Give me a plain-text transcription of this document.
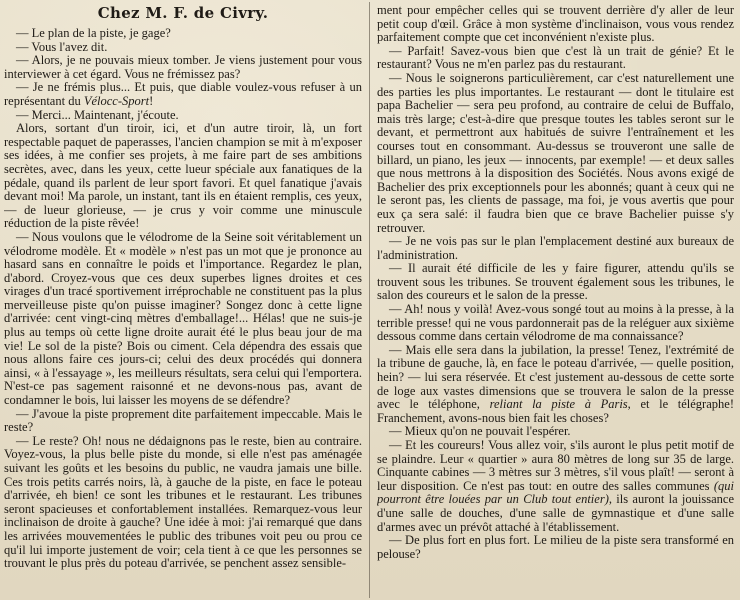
Chez M. F. de Civry.

— Le plan de la piste, je gage?

— Vous l'avez dit.

— Alors, je ne pouvais mieux tomber. Je viens justement pour vous interviewer à cet égard. Vous ne frémissez pas?

— Je ne frémis plus... Et puis, que diable voulez-vous refuser à un représentant du Vélocc-Sport!

— Merci... Maintenant, j'écoute.

Alors, sortant d'un tiroir, ici, et d'un autre tiroir, là, un fort respectable paquet de paperasses, l'ancien champion se mit à m'exposer ses idées, à me confier ses projets, à me faire part de ses ambitions secrètes, avec, dans les yeux, cette lueur spéciale aux fanatiques de la pédale, quand ils parlent de leur sport favori. Et quel fanatique j'avais devant moi! Ma parole, un instant, tant ils en étaient remplis, ces yeux, — de lueur glorieuse, — je crus y voir comme une minuscule réduction de la piste rêvée!

— Nous voulons que le vélodrome de la Seine soit véritablement un vélodrome modèle. Et « modèle » n'est pas un mot que je prononce au hasard sans en connaître le poids et l'importance. Regardez le plan, d'abord. Croyez-vous que ces deux superbes lignes droites et ces virages d'un tracé sportivement irréprochable ne constituent pas la plus merveilleuse piste qu'on puisse imaginer? Songez donc à cette ligne d'arrivée: cent vingt-cinq mètres d'emballage!... Hélas! que ne suis-je plus au temps où cette ligne droite aurait été le plus beau jour de ma vie! Le sol de la piste? Bois ou ciment. Cela dépendra des essais que nous allons faire ces jours-ci; celui des deux procédés qui donnera ainsi, « à l'essayage », les meilleurs résultats, sera celui qui l'emportera. N'est-ce pas sagement raisonné et ne devons-nous pas, avant de condamner le bois, lui laisser les moyens de se défendre?

— J'avoue la piste proprement dite parfaitement impeccable. Mais le reste?

— Le reste? Oh! nous ne dédaignons pas le reste, bien au contraire. Voyez-vous, la plus belle piste du monde, si elle n'est pas aménagée suivant les goûts et les besoins du public, ne vaudra jamais une bille. Ces trois petits carrés noirs, là, à gauche de la piste, en face le poteau d'arrivée, eh bien! ce sont les tribunes et le restaurant. Les tribunes seront spacieuses et confortablement installées. Remarquez-vous leur inclinaison de droite à gauche? Une idée à moi: j'ai remarqué que dans les arrivées mouvementées le public des tribunes voit peu ou prou ce qu'il lui importe justement de voir; cela tient à ce que les personnes se trouvant le plus près du poteau d'arrivée, se penchent assez sensible-

ment pour empêcher celles qui se trouvent derrière d'y aller de leur petit coup d'œil. Grâce à mon système d'inclinaison, vous vous rendez parfaitement compte que cet inconvénient n'existe plus.

— Parfait! Savez-vous bien que c'est là un trait de génie? Et le restaurant? Vous ne m'en parlez pas du restaurant.

— Nous le soignerons particulièrement, car c'est naturellement une des parties les plus importantes. Le restaurant — dont le titulaire est papa Bachelier — sera peu profond, au contraire de celui de Buffalo, mais très large; c'est-à-dire que presque toutes les tables seront sur le devant, et permettront aux habitués de suivre l'entraînement et les courses tout en consommant. Au-dessus se trouveront une salle de billard, un piano, les jeux — innocents, par exemple! — et deux salles que nous mettrons à la disposition des Sociétés. Nous avons exigé de Bachelier des prix exceptionnels pour les abonnés; quant à ceux qui ne le seront pas, les clients de passage, ma foi, je vous avertis que pour eux ça sera salé: il faudra bien que ce brave Bachelier puisse s'y retrouver.

— Je ne vois pas sur le plan l'emplacement destiné aux bureaux de l'administration.

— Il aurait été difficile de les y faire figurer, attendu qu'ils se trouvent sous les tribunes. Se trouvent également sous les tribunes, le salon des coureurs et le salon de la presse.

— Ah! nous y voilà! Avez-vous songé tout au moins à la presse, à la terrible presse! qui ne vous pardonnerait pas de la reléguer aux sixième dessous comme dans certain vélodrome de ma connaissance?

— Mais elle sera dans la jubilation, la presse! Tenez, l'extrémité de la tribune de gauche, là, en face le poteau d'arrivée, — quelle position, hein? — lui sera réservée. Et c'est justement au-dessous de cette sorte de loge aux vastes dimensions que se trouvera le salon de la presse avec le téléphone, reliant la piste à Paris, et le télégraphe! Franchement, avons-nous bien fait les choses?

— Mieux qu'on ne pouvait l'espérer.

— Et les coureurs! Vous allez voir, s'ils auront le plus petit motif de se plaindre. Leur « quartier » aura 80 mètres de long sur 35 de large. Cinquante cabines — 3 mètres sur 3 mètres, s'il vous plaît! — seront à leur disposition. Ce n'est pas tout: en outre des salles communes (qui pourront être louées par un Club tout entier), ils auront la jouissance d'une salle de douches, d'une salle de gymnastique et d'une salle d'armes avec un prévôt attaché à l'établissement.

— De plus fort en plus fort. Le milieu de la piste sera transformé en pelouse?
